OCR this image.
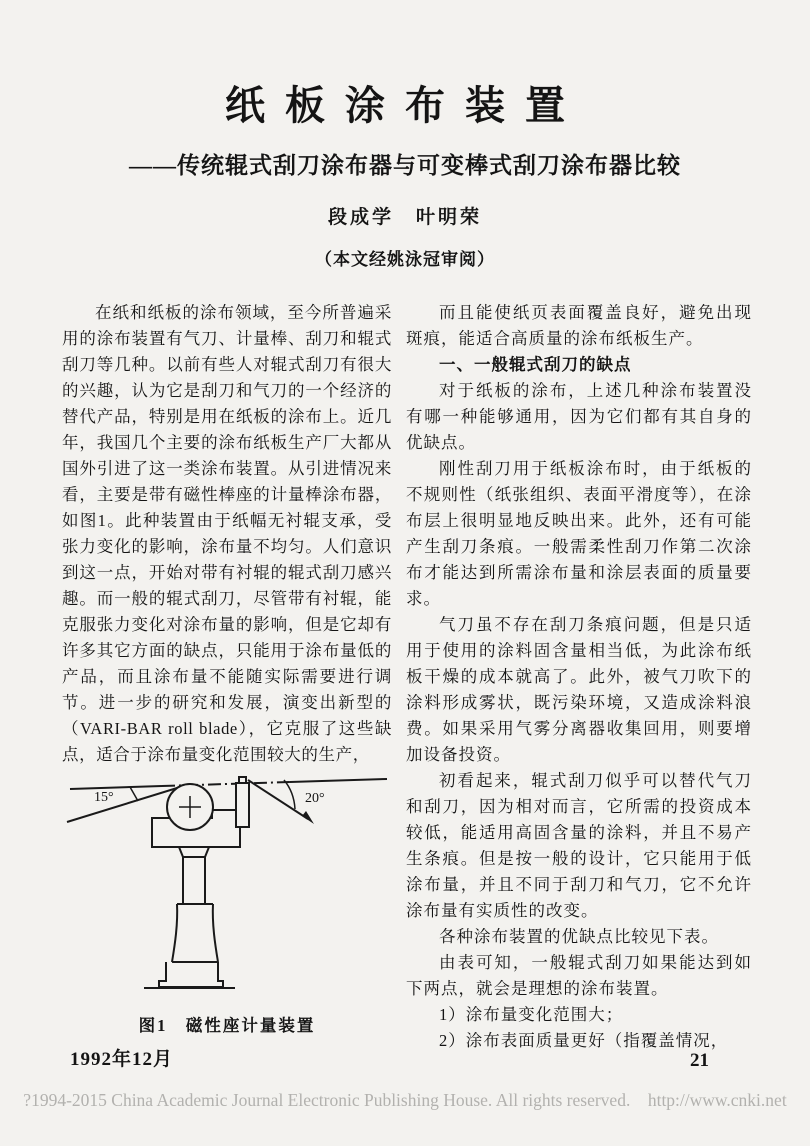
纸板涂布装置
——传统辊式刮刀涂布器与可变棒式刮刀涂布器比较
段成学　叶明荣
（本文经姚泳冠审阅）

在纸和纸板的涂布领域，至今所普遍采用的涂布装置有气刀、计量棒、刮刀和辊式刮刀等几种。以前有些人对辊式刮刀有很大的兴趣，认为它是刮刀和气刀的一个经济的替代产品，特别是用在纸板的涂布上。近几年，我国几个主要的涂布纸板生产厂大都从国外引进了这一类涂布装置。从引进情况来看，主要是带有磁性棒座的计量棒涂布器，如图1。此种装置由于纸幅无衬辊支承，受张力变化的影响，涂布量不均匀。人们意识到这一点，开始对带有衬辊的辊式刮刀感兴趣。而一般的辊式刮刀，尽管带有衬辊，能克服张力变化对涂布量的影响，但是它却有许多其它方面的缺点，只能用于涂布量低的产品，而且涂布量不能随实际需要进行调节。进一步的研究和发展，演变出新型的（VARI-BAR roll blade），它克服了这些缺点，适合于涂布量变化范围较大的生产，

15°	20°
图1　磁性座计量装置

而且能使纸页表面覆盖良好，避免出现斑痕，能适合高质量的涂布纸板生产。

一、一般辊式刮刀的缺点

对于纸板的涂布，上述几种涂布装置没有哪一种能够通用，因为它们都有其自身的优缺点。

刚性刮刀用于纸板涂布时，由于纸板的不规则性（纸张组织、表面平滑度等），在涂布层上很明显地反映出来。此外，还有可能产生刮刀条痕。一般需柔性刮刀作第二次涂布才能达到所需涂布量和涂层表面的质量要求。

气刀虽不存在刮刀条痕问题，但是只适用于使用的涂料固含量相当低，为此涂布纸板干燥的成本就高了。此外，被气刀吹下的涂料形成雾状，既污染环境，又造成涂料浪费。如果采用气雾分离器收集回用，则要增加设备投资。

初看起来，辊式刮刀似乎可以替代气刀和刮刀，因为相对而言，它所需的投资成本较低，能适用高固含量的涂料，并且不易产生条痕。但是按一般的设计，它只能用于低涂布量，并且不同于刮刀和气刀，它不允许涂布量有实质性的改变。

各种涂布装置的优缺点比较见下表。

由表可知，一般辊式刮刀如果能达到如下两点，就会是理想的涂布装置。

1）涂布量变化范围大；
2）涂布表面质量更好（指覆盖情况，
1992年12月	21
?1994-2015 China Academic Journal Electronic Publishing House. All rights reserved.    http://www.cnki.net
